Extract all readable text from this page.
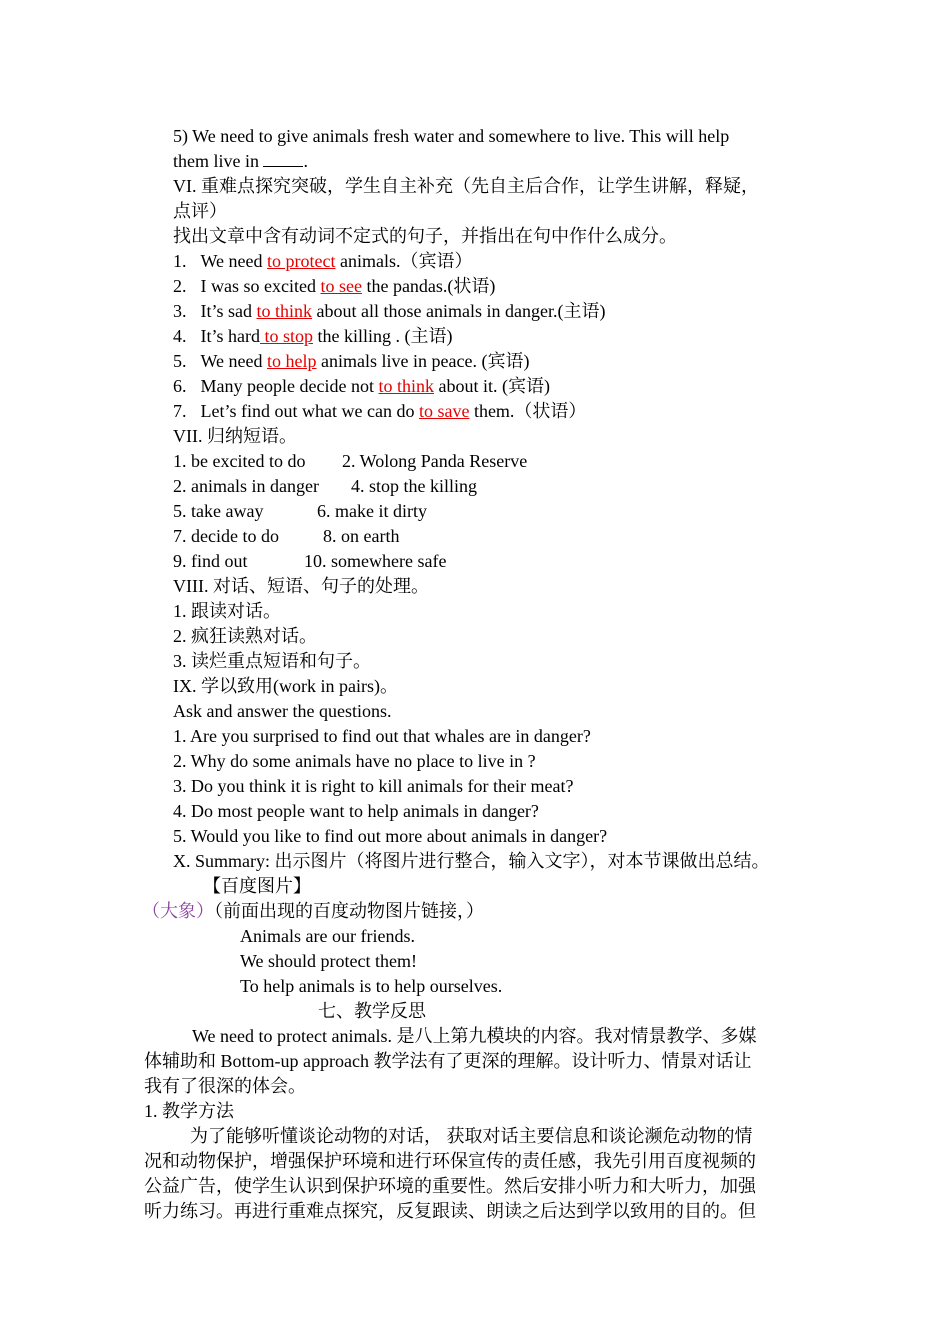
5) We need to give animals fresh water and somewhere to live. This will help
them live in .
VI. 重难点探究突破，学生自主补充（先自主后合作，让学生讲解，释疑，
点评）
找出文章中含有动词不定式的句子，并指出在句中作什么成分。
1. We need to protect animals.（宾语）
2. I was so excited to see the pandas.(状语)
3. It’s sad to think about all those animals in danger.(主语)
4. It’s hard to stop the killing . (主语)
5. We need to help animals live in peace. (宾语)
6. Many people decide not to think about it. (宾语)
7. Let’s find out what we can do to save them.（状语）
VII. 归纳短语。
1. be excited to do 2. Wolong Panda Reserve
2. animals in danger 4. stop the killing
5. take away	6. make it dirty
7. decide to do 8. on earth
9. find out	10. somewhere safe
VIII. 对话、短语、句子的处理。
1. 跟读对话。
2. 疯狂读熟对话。
3. 读烂重点短语和句子。
IX. 学以致用(work in pairs)。
Ask and answer the questions.
1. Are you surprised to find out that whales are in danger?
2. Why do some animals have no place to live in ?
3. Do you think it is right to kill animals for their meat?
4. Do most people want to help animals in danger?
5. Would you like to find out more about animals in danger?
X. Summary: 出示图片（将图片进行整合，输入文字），对本节课做出总结。
【百度图片】
（大象）（前面出现的百度动物图片链接，）
Animals are our friends.
We should protect them!
To help animals is to help ourselves.
七、教学反思
We need to protect animals. 是八上第九模块的内容。我对情景教学、多媒
体辅助和 Bottom-up approach 教学法有了更深的理解。设计听力、情景对话让
我有了很深的体会。
1. 教学方法
为了能够听懂谈论动物的对话， 获取对话主要信息和谈论濒危动物的情
况和动物保护，增强保护环境和进行环保宣传的责任感，我先引用百度视频的
公益广告，使学生认识到保护环境的重要性。然后安排小听力和大听力，加强
听力练习。再进行重难点探究，反复跟读、朗读之后达到学以致用的目的。但
